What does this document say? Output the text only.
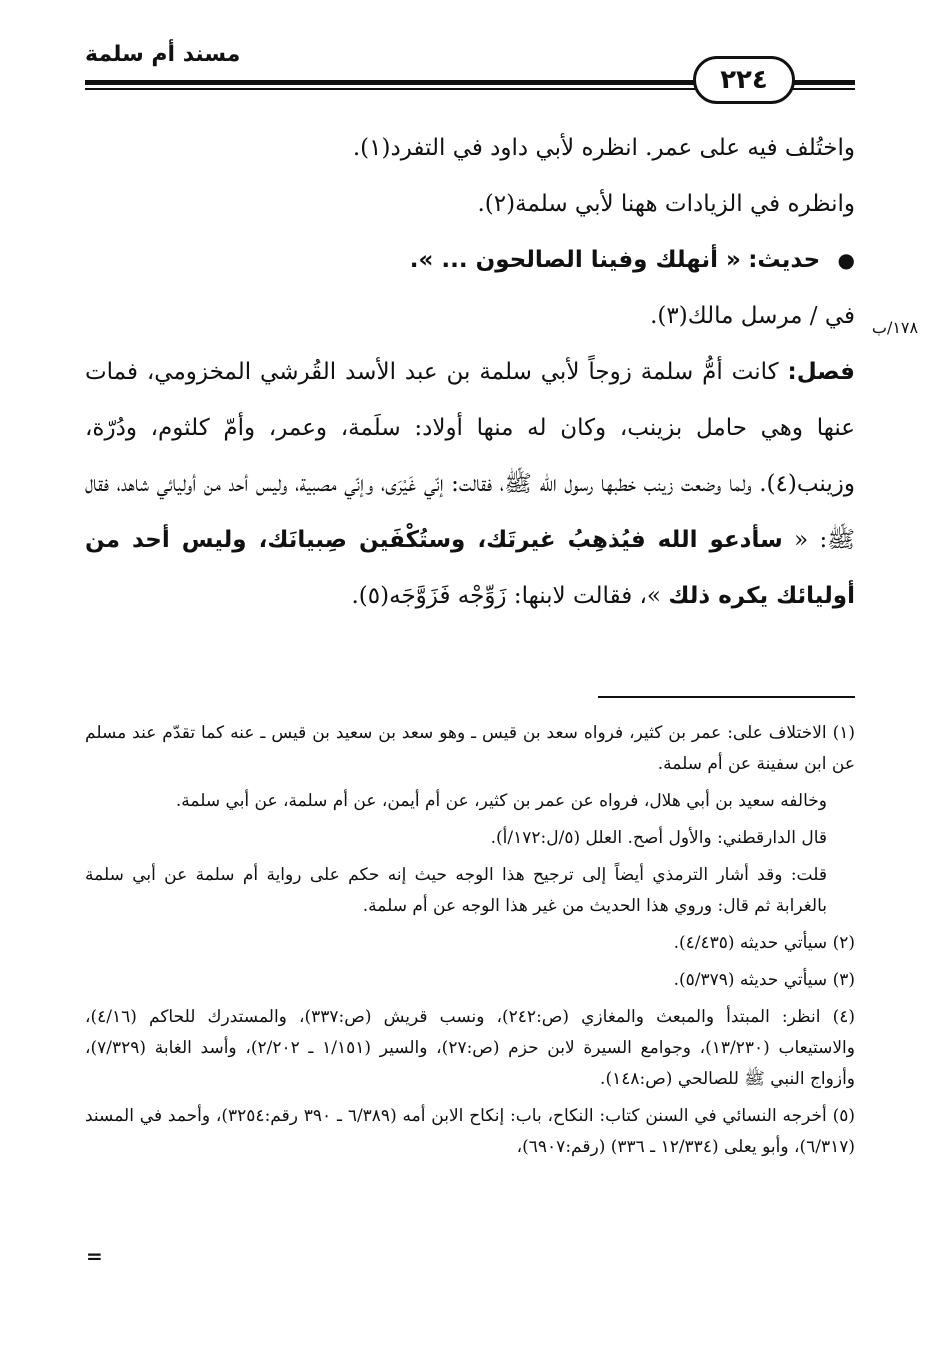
مسند أم سلمة
٢٢٤
واختُلف فيه على عمر. انظره لأبي داود في التفرد(١).
وانظره في الزيادات ههنا لأبي سلمة(٢).
● حديث: « أنهلك وفينا الصالحون ... ».
في / مرسل مالك(٣).

فصل: كانت أمُّ سلمة زوجاً لأبي سلمة بن عبد الأسد القُرشي المخزومي، فمات عنها وهي حامل بزينب، وكان له منها أولاد: سلَمة، وعمر، وأمّ كلثوم، ودُرّة، وزينب(٤). ولما وضعت زينب خطبها رسول الله ﷺ، فقالت: إنّي غَيْرَى، وإنّي مصبية، وليس أحد من أوليائي شاهد، فقال ﷺ: « سأدعو الله فيُذهِبُ غيرتَك، وستُكْفَين صِبيانَك، وليس أحد من أوليائك يكره ذلك »، فقالت لابنها: زَوِّجْه فَزَوَّجَه(٥).

١٧٨/ب

(١) الاختلاف على: عمر بن كثير، فرواه سعد بن قيس ـ وهو سعد بن سعيد بن قيس ـ عنه كما تقدّم عند مسلم عن ابن سفينة عن أم سلمة.

وخالفه سعيد بن أبي هلال، فرواه عن عمر بن كثير، عن أم أيمن، عن أم سلمة، عن أبي سلمة.

قال الدارقطني: والأول أصح. العلل (٥/ل:١٧٢/أ).

قلت: وقد أشار الترمذي أيضاً إلى ترجيح هذا الوجه حيث إنه حكم على رواية أم سلمة عن أبي سلمة بالغرابة ثم قال: وروي هذا الحديث من غير هذا الوجه عن أم سلمة.

(٢) سيأتي حديثه (٤/٤٣٥).

(٣) سيأتي حديثه (٥/٣٧٩).

(٤) انظر: المبتدأ والمبعث والمغازي (ص:٢٤٢)، ونسب قريش (ص:٣٣٧)، والمستدرك للحاكم (٤/١٦)، والاستيعاب (١٣/٢٣٠)، وجوامع السيرة لابن حزم (ص:٢٧)، والسير (١/١٥١ ـ ٢/٢٠٢)، وأسد الغابة (٧/٣٢٩)، وأزواج النبي ﷺ للصالحي (ص:١٤٨).

(٥) أخرجه النسائي في السنن كتاب: النكاح، باب: إنكاح الابن أمه (٦/٣٨٩ ـ ٣٩٠ رقم:٣٢٥٤)، وأحمد في المسند (٦/٣١٧)، وأبو يعلى (١٢/٣٣٤ ـ ٣٣٦) (رقم:٦٩٠٧)،

=
